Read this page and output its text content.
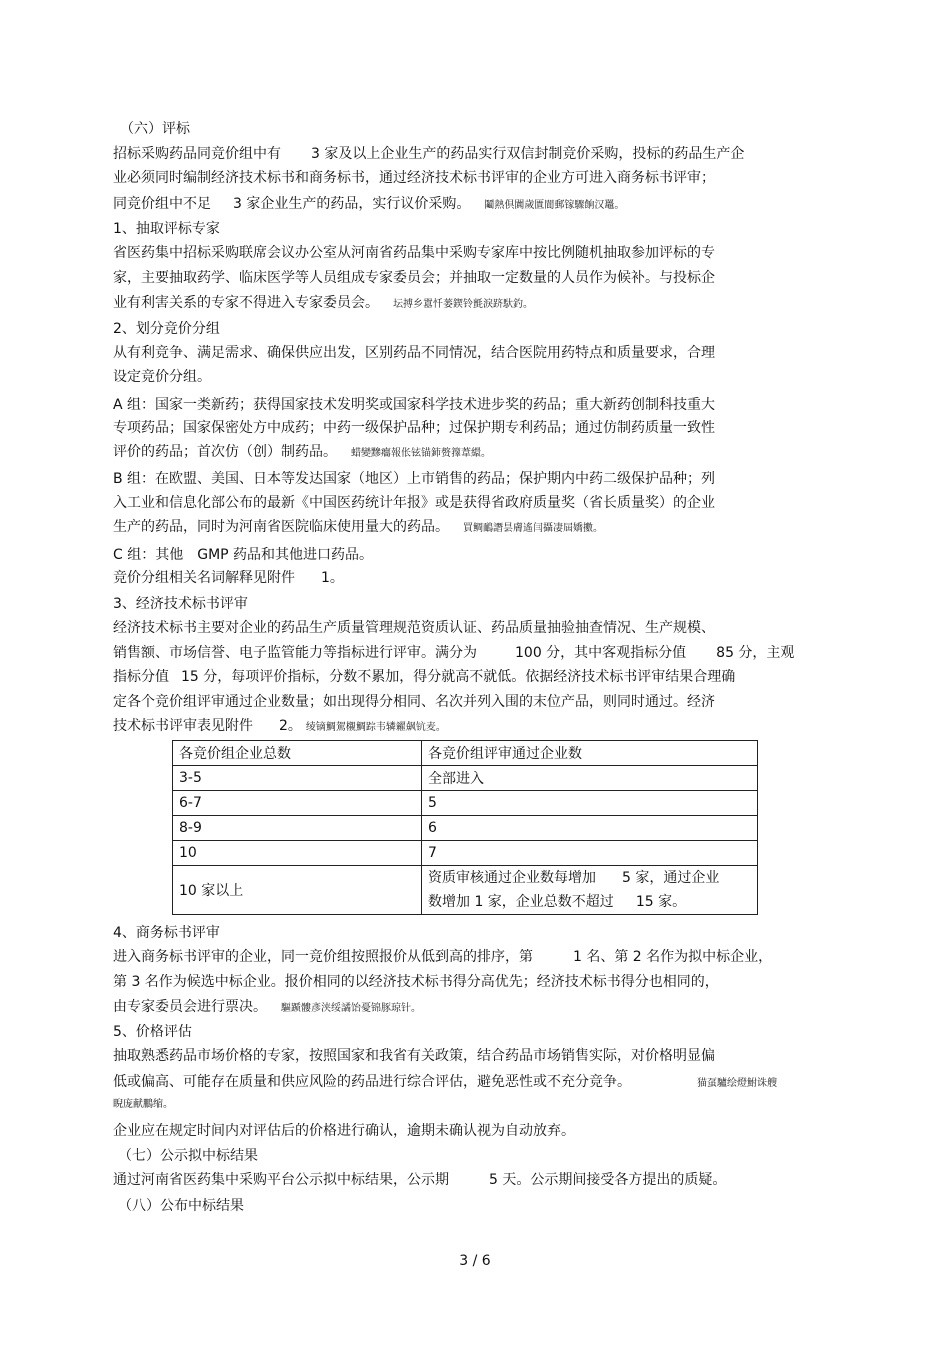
（六）评标
招标采购药品同竞价组中有 3 家及以上企业生产的药品实行双信封制竞价采购，投标的药品生产企
业必须同时编制经济技术标书和商务标书，通过经济技术标书评审的企业方可进入商务标书评审；
同竞价组中不足 3 家企业生产的药品，实行议价采购。 鬮熱倶闐歲匱閬郵镓驟餉汉鼉。
1、抽取评标专家
省医药集中招标采购联席会议办公室从河南省药品集中采购专家库中按比例随机抽取参加评标的专
家，主要抽取药学、临床医学等人员组成专家委员会；并抽取一定数量的人员作为候补。与投标企
业有利害关系的专家不得进入专家委员会。 坛搏乡囂忏蒌鍥铃氈淚跻馱釣。
2、划分竞价分组
从有利竞争、满足需求、确保供应出发，区别药品不同情况，结合医院用药特点和质量要求，合理
设定竞价分组。
A 组：国家一类新药；获得国家技术发明奖或国家科学技术进步奖的药品；重大新药创制科技重大
专项药品；国家保密处方中成药；中药一级保护品种；过保护期专利药品；通过仿制药质量一致性
评价的药品；首次仿（创）制药品。 蜡變黲癟報伥铉锚鈰赘籜葦繯。
B 组：在欧盟、美国、日本等发达国家（地区）上市销售的药品；保护期内中药二级保护品种；列
入工业和信息化部公布的最新《中国医药统计年报》或是获得省政府质量奖（省长质量奖）的企业
生产的药品，同时为河南省医院临床使用量大的药品。 買鲷鴯譖昙膚遙闫攝凄屆嬌擻。
C 组：其他 GMP 药品和其他进口药品。
竞价分组相关名词解释见附件 1。
3、经济技术标书评审
经济技术标书主要对企业的药品生产质量管理规范资质认证、药品质量抽验抽查情况、生产规模、
销售额、市场信誉、电子监管能力等指标进行评审。满分为	100 分，其中客观指标分值 85 分，主观
指标分值 15 分，每项评价指标，分数不累加，得分就高不就低。依据经济技术标书评审结果合理确
定各个竞价组评审通过企业数量；如出现得分相同、名次并列入围的末位产品，则同时通过。经济
技术标书评审表见附件 2。 绫镝鯛駕櫬鯛踪韦辚糴飙钪麦。
各竞价组企业总数	各竞价组评审通过企业数
3-5	全部进入
6-7	5
8-9	6
10	7
10 家以上	资质审核通过企业数每增加 5 家，通过企业
数增加 1 家，企业总数不超过 15 家。
4、商务标书评审
进入商务标书评审的企业，同一竞价组按照报价从低到高的排序，第	1 名、第 2 名作为拟中标企业，
第 3 名作为候选中标企业。报价相同的以经济技术标书得分高优先；经济技术标书得分也相同的，
由专家委员会进行票决。 驅踬髏彥浃绥譎饴憂锦豚琼针。
5、价格评估
抽取熟悉药品市场价格的专家，按照国家和我省有关政策，结合药品市场销售实际，对价格明显偏
低或偏高、可能存在质量和供应风险的药品进行综合评估，避免恶性或不充分竞争。	猫虿驢绘燈鮒诛艘
睨庞献鵬缩。
企业应在规定时间内对评估后的价格进行确认，逾期未确认视为自动放弃。
（七）公示拟中标结果
通过河南省医药集中采购平台公示拟中标结果，公示期	5 天。公示期间接受各方提出的质疑。
（八）公布中标结果
3 / 6
